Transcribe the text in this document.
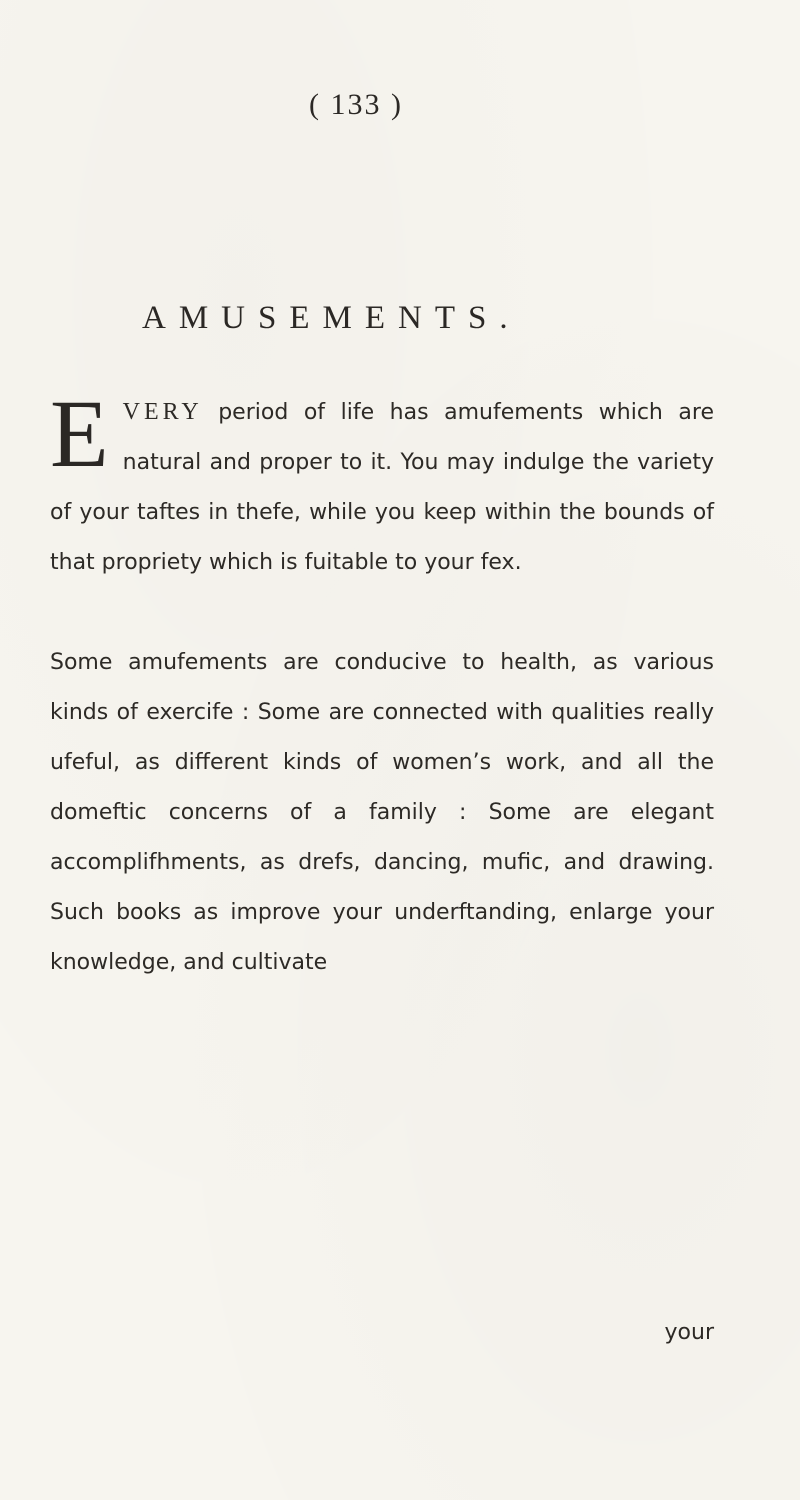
( 133 )
AMUSEMENTS.

EVERY period of life has amufements which are natural and proper to it. You may indulge the variety of your taftes in thefe, while you keep within the bounds of that propriety which is fuitable to your fex.

Some amufements are conducive to health, as various kinds of exercife : Some are connected with qualities really ufeful, as different kinds of women’s work, and all the domeftic concerns of a family : Some are elegant accomplifhments, as drefs, dancing, mufic, and drawing. Such books as improve your underftanding, enlarge your knowledge, and cultivate

your
